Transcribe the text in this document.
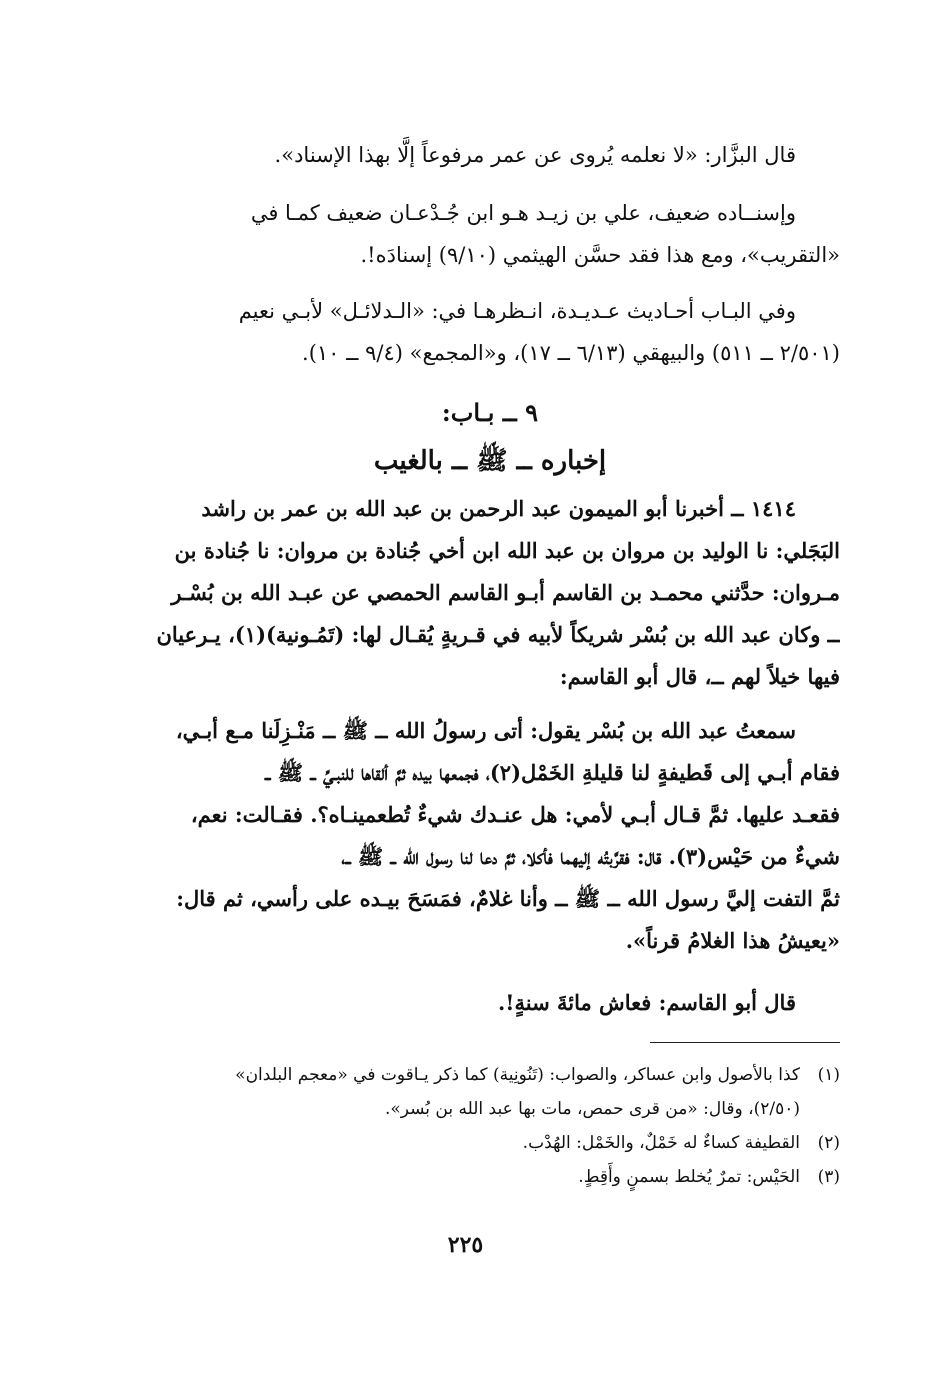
قال البزَّار: «لا نعلمه يُروى عن عمر مرفوعاً إلَّا بهذا الإسناد».
وإسنــاده ضعيف، علي بن زيـد هـو ابن جُـدْعـان ضعيف كمـا في
«التقريب»، ومع هذا فقد حسَّن الهيثمي (٩/١٠) إسنادَه!.
وفي البـاب أحـاديث عـديـدة، انـظرهـا في: «الـدلائـل» لأبـي نعيم
(٢/٥٠١ ــ ٥١١) والبيهقي (٦/١٣ ــ ١٧)، و«المجمع» (٩/٤ ــ ١٠).
٩ ــ بـاب:
إخباره ــ ﷺ ــ بالغيب
١٤١٤ ــ أخبرنا أبو الميمون عبد الرحمن بن عبد الله بن عمر بن راشد
البَجَلي: نا الوليد بن مروان بن عبد الله ابن أخي جُنادة بن مروان: نا جُنادة بن
مـروان: حدَّثني محمـد بن القاسم أبـو القاسم الحمصي عن عبـد الله بن بُسْـر
ــ وكان عبد الله بن بُسْر شريكاً لأبيه في قـريةٍ يُقـال لها: (تَمُـونية)(١)، يـرعيان
فيها خيلاً لهم ــ، قال أبو القاسم:
سمعتُ عبد الله بن بُسْر يقول: أتى رسولُ الله ــ ﷺ ــ مَنْـزِلَنا مـع أبـي،
فقام أبـي إلى قَطيفةٍ لنا قليلةِ الخَمْل(٢)، فجمعها بيده ثمَّ ألقاها للنبـيِّ ــ ﷺ ــ
فقعـد عليها. ثمَّ قـال أبـي لأمي: هل عنـدك شيءٌ تُطعمينـاه؟. فقـالت: نعم،
شيءٌ من حَيْس(٣). قال: فقرَّبتُه إليهما فأكلا، ثمَّ دعا لنا رسول الله ــ ﷺ ــ،
ثمَّ التفت إليَّ رسول الله ــ ﷺ ــ وأنا غلامٌ، فمَسَحَ بيـده على رأسي، ثم قال:
«يعيشُ هذا الغلامُ قرناً».
قال أبو القاسم: فعاش مائةَ سنةٍ!.
(١)كذا بالأصول وابن عساكر، والصواب: (تَنُونِية) كما ذكر يـاقوت في «معجم البلدان»
(٢/٥٠)، وقال: «من قرى حمص، مات بها عبد الله بن بُسر».
(٢)القطيفة كساءٌ له خَمْلٌ، والخَمْل: الهُدْب.
(٣)الحَيْس: تمرٌ يُخلط بسمنٍ وأَقِطٍ.
٢٢٥
